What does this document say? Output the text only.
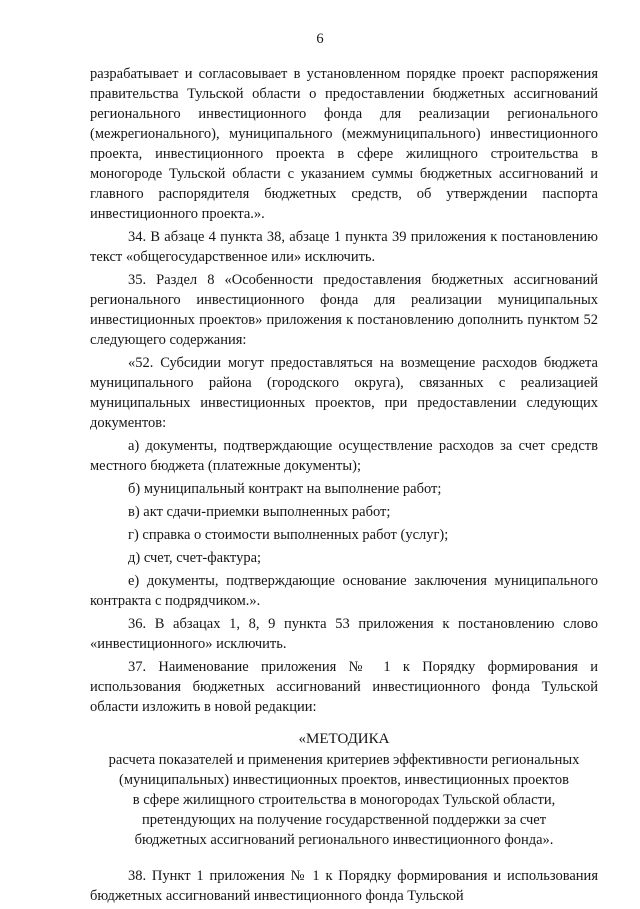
6

разрабатывает и согласовывает в установленном порядке проект распоряжения правительства Тульской области о предоставлении бюджетных ассигнований регионального инвестиционного фонда для реализации регионального (межрегионального), муниципального (межмуниципального) инвестиционного проекта, инвестиционного проекта в сфере жилищного строительства в моногороде Тульской области с указанием суммы бюджетных ассигнований и главного распорядителя бюджетных средств, об утверждении паспорта инвестиционного проекта.».

34. В абзаце 4 пункта 38, абзаце 1 пункта 39 приложения к постановлению текст «общегосударственное или» исключить.

35. Раздел 8 «Особенности предоставления бюджетных ассигнований регионального инвестиционного фонда для реализации муниципальных инвестиционных проектов» приложения к постановлению дополнить пунктом 52 следующего содержания:

«52. Субсидии могут предоставляться на возмещение расходов бюджета муниципального района (городского округа), связанных с реализацией муниципальных инвестиционных проектов, при предоставлении следующих документов:

а) документы, подтверждающие осуществление расходов за счет средств местного бюджета (платежные документы);

б) муниципальный контракт на выполнение работ;

в) акт сдачи-приемки выполненных работ;

г) справка о стоимости выполненных работ (услуг);

д) счет, счет-фактура;

е) документы, подтверждающие основание заключения муниципального контракта с подрядчиком.».

36. В абзацах 1, 8, 9 пункта 53 приложения к постановлению слово «инвестиционного» исключить.

37. Наименование приложения № 1 к Порядку формирования и использования бюджетных ассигнований инвестиционного фонда Тульской области изложить в новой редакции:

«МЕТОДИКА
расчета показателей и применения критериев эффективности региональных
(муниципальных) инвестиционных проектов, инвестиционных проектов
в сфере жилищного строительства в моногородах Тульской области,
претендующих на получение государственной поддержки за счет
бюджетных ассигнований регионального инвестиционного фонда».

38. Пункт 1 приложения № 1 к Порядку формирования и использования бюджетных ассигнований инвестиционного фонда Тульской
